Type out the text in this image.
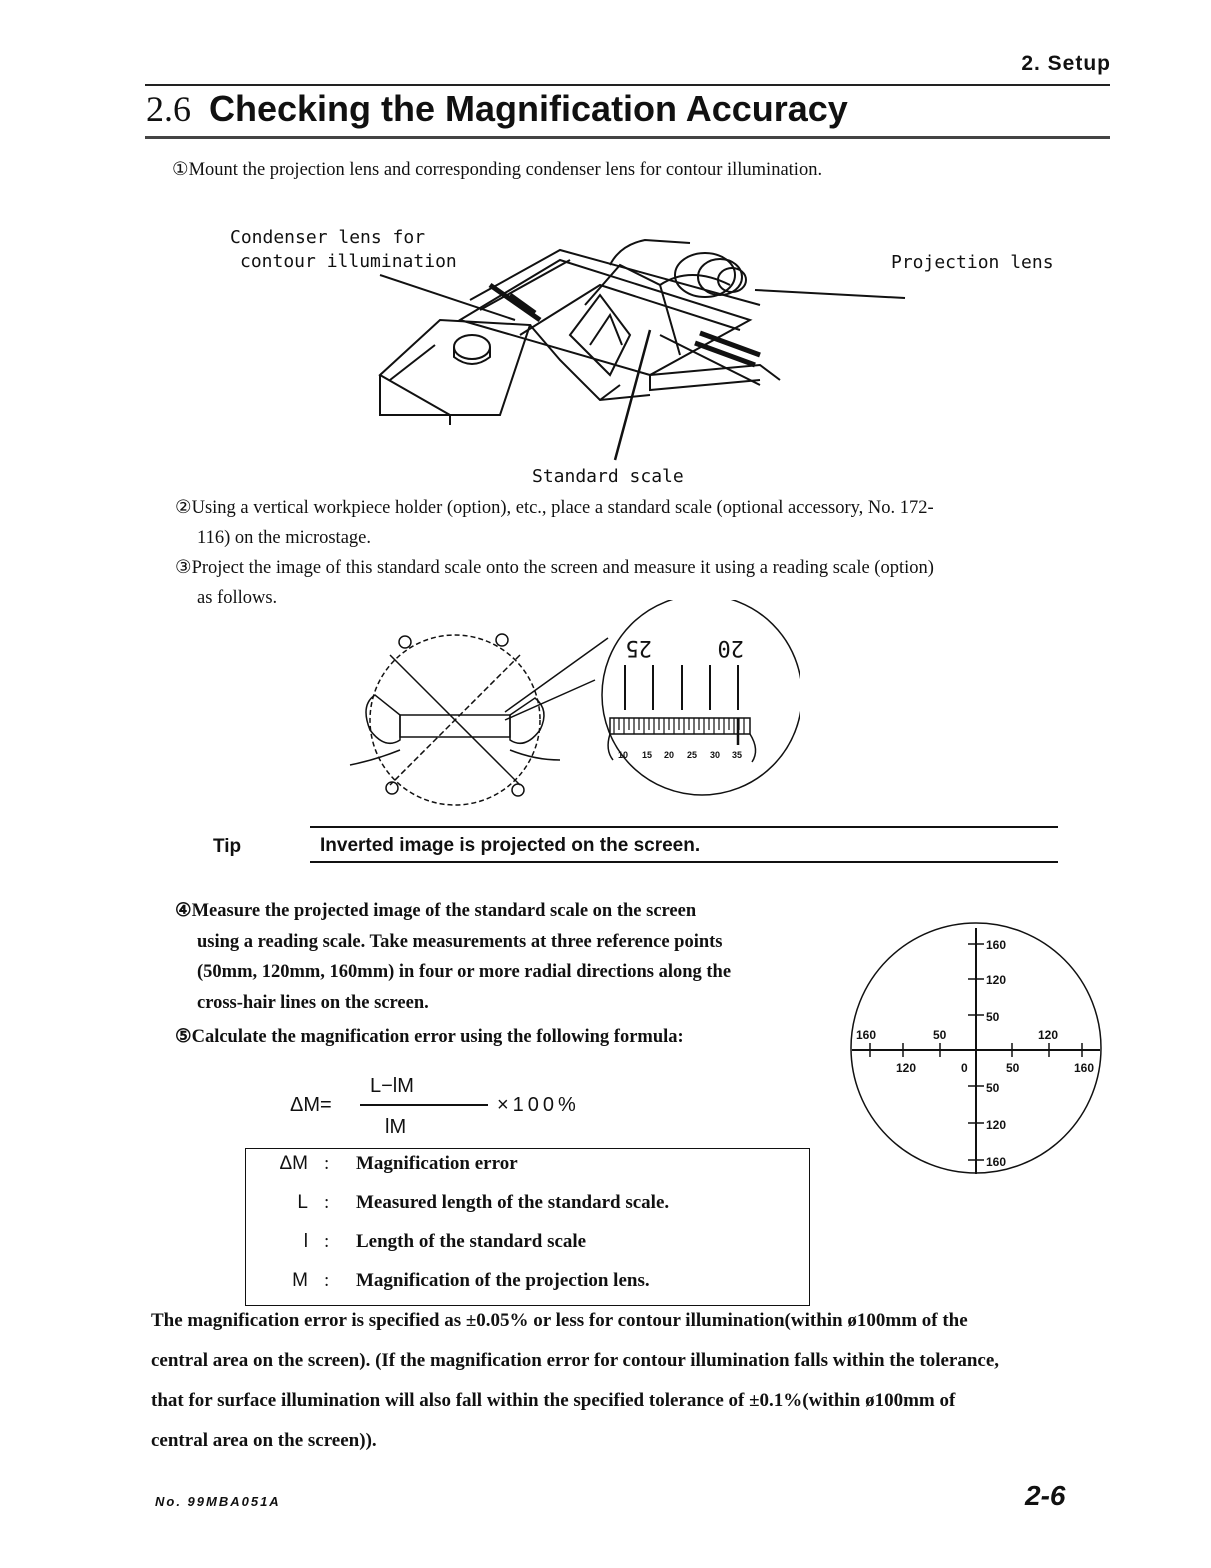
2. Setup
2.6 Checking the Magnification Accuracy
①Mount the projection lens and corresponding condenser lens for contour illumination.
Condenser lens for
contour illumination	Projection lens
Standard scale
②Using a vertical workpiece holder (option), etc., place a standard scale (optional accessory, No. 172-
116) on the microstage.
③Project the image of this standard scale onto the screen and measure it using a reading scale (option)
as follows.
25	20
10 15 20 25 30 35
Tip	Inverted image is projected on the screen.
④Measure the projected image of the standard scale on the screen
using a reading scale. Take measurements at three reference points
(50mm, 120mm, 160mm) in four or more radial directions along the
cross-hair lines on the screen.
⑤Calculate the magnification error using the following formula:
ΔM=
L−lM
lM
×100%
ΔM : Magnification error
L : Measured length of the standard scale.
l : Length of the standard scale
M : Magnification of the projection lens.
160
120
50
160	50	120
120	0	50	160
50
120
160
The magnification error is specified as ±0.05% or less for contour illumination(within ø100mm of the
central area on the screen). (If the magnification error for contour illumination falls within the tolerance,
that for surface illumination will also fall within the specified tolerance of ±0.1%(within ø100mm of
central area on the screen)).
No. 99MBA051A	2-6
